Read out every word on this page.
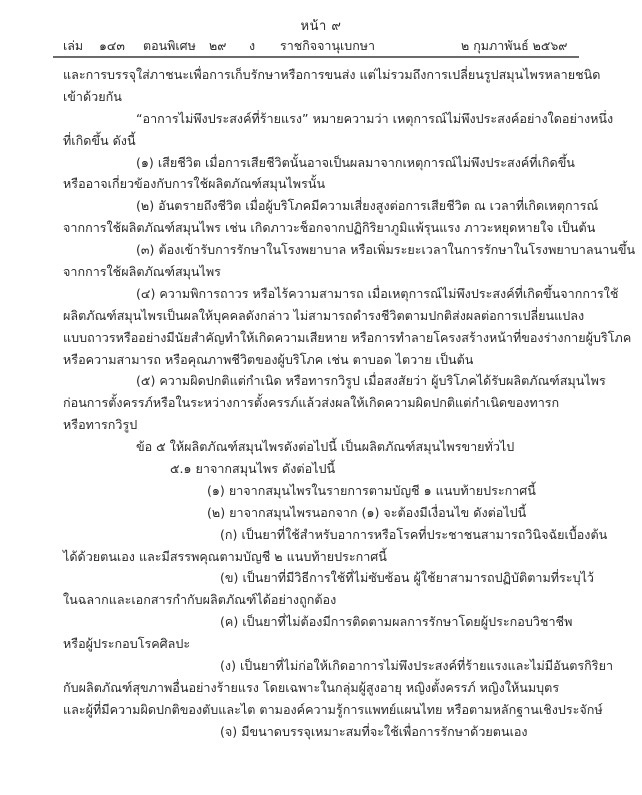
หน้า ๙
เล่ม ๑๔๓ ตอนพิเศษ ๒๙ ง ราชกิจจานุเบกษา	๒ กุมภาพันธ์ ๒๕๖๙
และการบรรจุใส่ภาชนะเพื่อการเก็บรักษาหรือการขนส่ง แต่ไม่รวมถึงการเปลี่ยนรูปสมุนไพรหลายชนิด
เข้าด้วยกัน
“อาการไม่พึงประสงค์ที่ร้ายแรง” หมายความว่า เหตุการณ์ไม่พึงประสงค์อย่างใดอย่างหนึ่ง
ที่เกิดขึ้น ดังนี้
(๑) เสียชีวิต เมื่อการเสียชีวิตนั้นอาจเป็นผลมาจากเหตุการณ์ไม่พึงประสงค์ที่เกิดขึ้น
หรืออาจเกี่ยวข้องกับการใช้ผลิตภัณฑ์สมุนไพรนั้น
(๒) อันตรายถึงชีวิต เมื่อผู้บริโภคมีความเสี่ยงสูงต่อการเสียชีวิต ณ เวลาที่เกิดเหตุการณ์
จากการใช้ผลิตภัณฑ์สมุนไพร เช่น เกิดภาวะช็อกจากปฏิกิริยาภูมิแพ้รุนแรง ภาวะหยุดหายใจ เป็นต้น
(๓) ต้องเข้ารับการรักษาในโรงพยาบาล หรือเพิ่มระยะเวลาในการรักษาในโรงพยาบาลนานขึ้น
จากการใช้ผลิตภัณฑ์สมุนไพร
(๔) ความพิการถาวร หรือไร้ความสามารถ เมื่อเหตุการณ์ไม่พึงประสงค์ที่เกิดขึ้นจากการใช้
ผลิตภัณฑ์สมุนไพรเป็นผลให้บุคคลดังกล่าว ไม่สามารถดำรงชีวิตตามปกติส่งผลต่อการเปลี่ยนแปลง
แบบถาวรหรืออย่างมีนัยสำคัญทำให้เกิดความเสียหาย หรือการทำลายโครงสร้างหน้าที่ของร่างกายผู้บริโภค
หรือความสามารถ หรือคุณภาพชีวิตของผู้บริโภค เช่น ตาบอด ไตวาย เป็นต้น
(๕) ความผิดปกติแต่กำเนิด หรือทารกวิรูป เมื่อสงสัยว่า ผู้บริโภคได้รับผลิตภัณฑ์สมุนไพร
ก่อนการตั้งครรภ์หรือในระหว่างการตั้งครรภ์แล้วส่งผลให้เกิดความผิดปกติแต่กำเนิดของทารก
หรือทารกวิรูป
ข้อ ๕ ให้ผลิตภัณฑ์สมุนไพรดังต่อไปนี้ เป็นผลิตภัณฑ์สมุนไพรขายทั่วไป
๕.๑ ยาจากสมุนไพร ดังต่อไปนี้
(๑) ยาจากสมุนไพรในรายการตามบัญชี ๑ แนบท้ายประกาศนี้
(๒) ยาจากสมุนไพรนอกจาก (๑) จะต้องมีเงื่อนไข ดังต่อไปนี้
(ก) เป็นยาที่ใช้สำหรับอาการหรือโรคที่ประชาชนสามารถวินิจฉัยเบื้องต้น
ได้ด้วยตนเอง และมีสรรพคุณตามบัญชี ๒ แนบท้ายประกาศนี้
(ข) เป็นยาที่มีวิธีการใช้ที่ไม่ซับซ้อน ผู้ใช้ยาสามารถปฏิบัติตามที่ระบุไว้
ในฉลากและเอกสารกำกับผลิตภัณฑ์ได้อย่างถูกต้อง
(ค) เป็นยาที่ไม่ต้องมีการติดตามผลการรักษาโดยผู้ประกอบวิชาชีพ
หรือผู้ประกอบโรคศิลปะ
(ง) เป็นยาที่ไม่ก่อให้เกิดอาการไม่พึงประสงค์ที่ร้ายแรงและไม่มีอันตรกิริยา
กับผลิตภัณฑ์สุขภาพอื่นอย่างร้ายแรง โดยเฉพาะในกลุ่มผู้สูงอายุ หญิงตั้งครรภ์ หญิงให้นมบุตร
และผู้ที่มีความผิดปกติของตับและไต ตามองค์ความรู้การแพทย์แผนไทย หรือตามหลักฐานเชิงประจักษ์
(จ) มีขนาดบรรจุเหมาะสมที่จะใช้เพื่อการรักษาด้วยตนเอง
